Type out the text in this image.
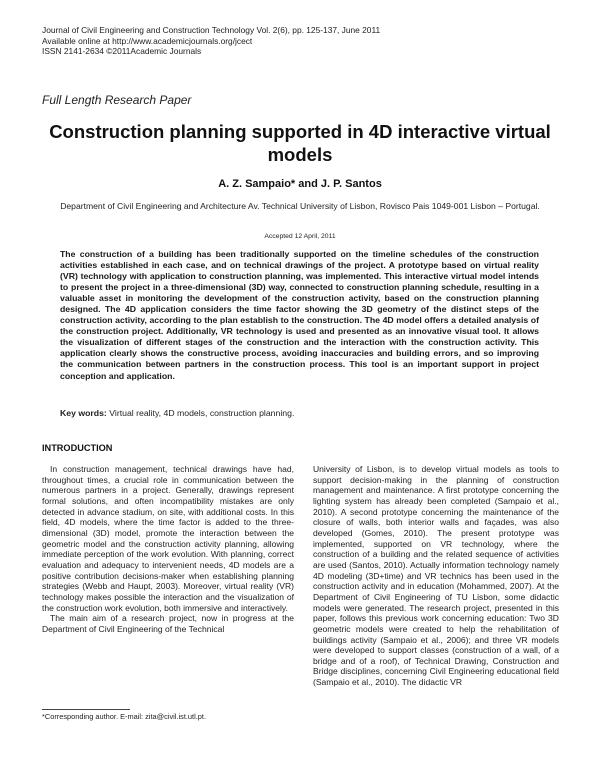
Journal of Civil Engineering and Construction Technology Vol. 2(6), pp. 125-137, June 2011
Available online at http://www.academicjournals.org/jcect
ISSN 2141-2634 ©2011Academic Journals
Full Length Research Paper
Construction planning supported in 4D interactive virtual models
A. Z. Sampaio* and J. P. Santos
Department of Civil Engineering and Architecture Av. Technical University of Lisbon, Rovisco Pais 1049-001 Lisbon – Portugal.
Accepted 12 April, 2011
The construction of a building has been traditionally supported on the timeline schedules of the construction activities established in each case, and on technical drawings of the project. A prototype based on virtual reality (VR) technology with application to construction planning, was implemented. This interactive virtual model intends to present the project in a three-dimensional (3D) way, connected to construction planning schedule, resulting in a valuable asset in monitoring the development of the construction activity, based on the construction planning designed. The 4D application considers the time factor showing the 3D geometry of the distinct steps of the construction activity, according to the plan establish to the construction. The 4D model offers a detailed analysis of the construction project. Additionally, VR technology is used and presented as an innovative visual tool. It allows the visualization of different stages of the construction and the interaction with the construction activity. This application clearly shows the constructive process, avoiding inaccuracies and building errors, and so improving the communication between partners in the construction process. This tool is an important support in project conception and application.
Key words: Virtual reality, 4D models, construction planning.
INTRODUCTION

In construction management, technical drawings have had, throughout times, a crucial role in communication between the numerous partners in a project. Generally, drawings represent formal solutions, and often incompatibility mistakes are only detected in advance stadium, on site, with additional costs. In this field, 4D models, where the time factor is added to the three-dimensional (3D) model, promote the interaction between the geometric model and the construction activity planning, allowing immediate perception of the work evolution. With planning, correct evaluation and adequacy to intervenient needs, 4D models are a positive contribution decisions-maker when establishing planning strategies (Webb and Haupt, 2003). Moreover, virtual reality (VR) technology makes possible the interaction and the visualization of the construction work evolution, both immersive and interactively.

The main aim of a research project, now in progress at the Department of Civil Engineering of the Technical

University of Lisbon, is to develop virtual models as tools to support decision-making in the planning of construction management and maintenance. A first prototype concerning the lighting system has already been completed (Sampaio et al., 2010). A second prototype concerning the maintenance of the closure of walls, both interior walls and façades, was also developed (Gomes, 2010). The present prototype was implemented, supported on VR technology, where the construction of a building and the related sequence of activities are used (Santos, 2010). Actually information technology namely 4D modeling (3D+time) and VR technics has been used in the construction activity and in education (Mohammed, 2007). At the Department of Civil Engineering of TU Lisbon, some didactic models were generated. The research project, presented in this paper, follows this previous work concerning education: Two 3D geometric models were created to help the rehabilitation of buildings activity (Sampaio et al., 2006); and three VR models were developed to support classes (construction of a wall, of a bridge and of a roof), of Technical Drawing, Construction and Bridge disciplines, concerning Civil Engineering educational field (Sampaio et al., 2010). The didactic VR

*Corresponding author. E-mail: zita@civil.ist.utl.pt.
